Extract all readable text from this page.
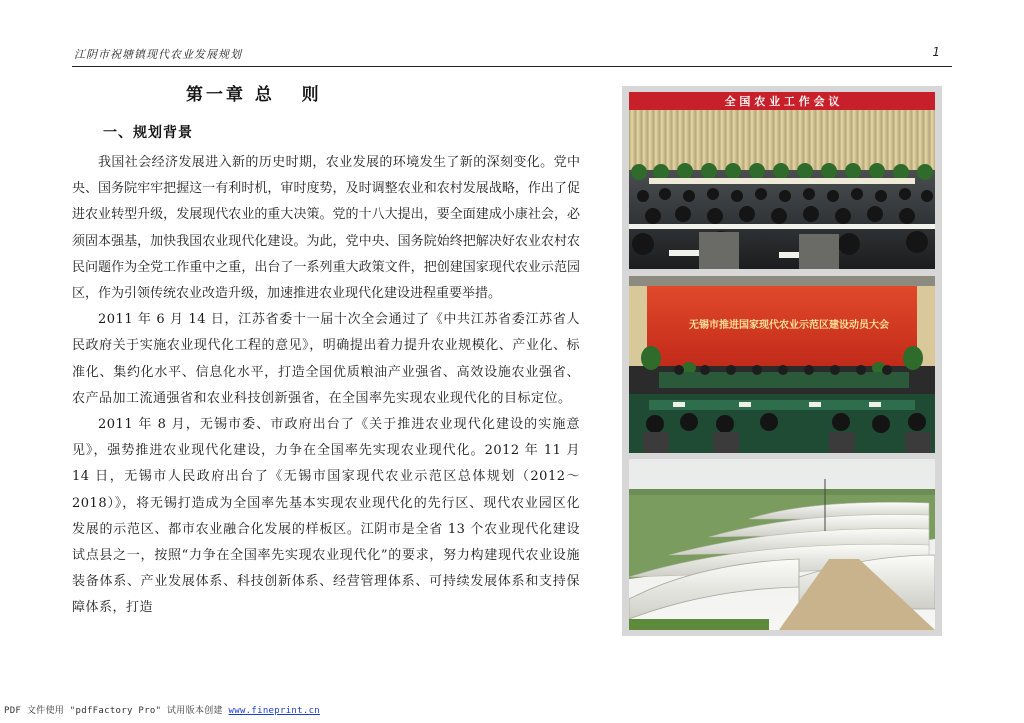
江阴市祝塘镇现代农业发展规划	1
第一章 总   则
一、规划背景

我国社会经济发展进入新的历史时期，农业发展的环境发生了新的深刻变化。党中央、国务院牢牢把握这一有利时机，审时度势，及时调整农业和农村发展战略，作出了促进农业转型升级，发展现代农业的重大决策。党的十八大提出，要全面建成小康社会，必须固本强基，加快我国农业现代化建设。为此，党中央、国务院始终把解决好农业农村农民问题作为全党工作重中之重，出台了一系列重大政策文件，把创建国家现代农业示范园区，作为引领传统农业改造升级，加速推进农业现代化建设进程重要举措。

2011 年 6 月 14 日，江苏省委十一届十次全会通过了《中共江苏省委江苏省人民政府关于实施农业现代化工程的意见》，明确提出着力提升农业规模化、产业化、标准化、集约化水平、信息化水平，打造全国优质粮油产业强省、高效设施农业强省、农产品加工流通强省和农业科技创新强省，在全国率先实现农业现代化的目标定位。

2011 年 8 月，无锡市委、市政府出台了《关于推进农业现代化建设的实施意见》，强势推进农业现代化建设，力争在全国率先实现农业现代化。2012 年 11 月 14 日，无锡市人民政府出台了《无锡市国家现代农业示范区总体规划（2012～2018）》，将无锡打造成为全国率先基本实现农业现代化的先行区、现代农业园区化发展的示范区、都市农业融合化发展的样板区。江阴市是全省 13 个农业现代化建设试点县之一，按照“力争在全国率先实现农业现代化”的要求，努力构建现代农业设施装备体系、产业发展体系、科技创新体系、经营管理体系、可持续发展体系和支持保障体系，打造

全 国 农 业 工 作 会 议
无锡市推进国家现代农业示范区建设动员大会
PDF 文件使用 "pdfFactory Pro" 试用版本创建 www.fineprint.cn
